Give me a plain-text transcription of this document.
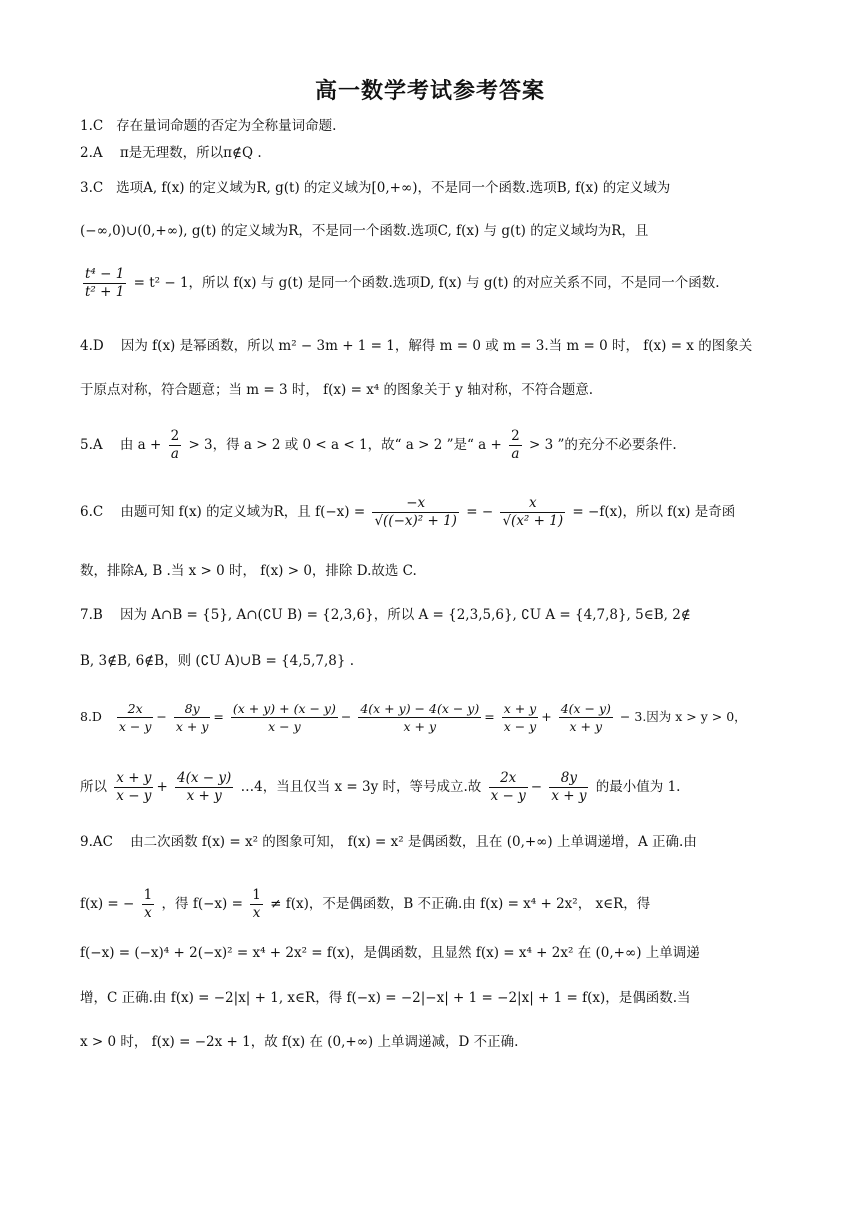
高一数学考试参考答案
1.C 存在量词命题的否定为全称量词命题.
2.A π是无理数，所以π∉Q .
3.C 选项A, f(x) 的定义域为R, g(t) 的定义域为[0,+∞)，不是同一个函数.选项B, f(x) 的定义域为
(−∞,0)∪(0,+∞), g(t) 的定义域为R，不是同一个函数.选项C, f(x) 与 g(t) 的定义域均为R，且
$\frac{\text{t⁴ − 1}}{\text{t² + 1}} = t^2 - 1$，所以 f(x) 与 g(t) 是同一个函数.选项D, f(x) 与 g(t) 的对应关系不同，不是同一个函数.
4.D 因为 f(x) 是幂函数，所以 m² − 3m + 1 = 1，解得 m = 0 或 m = 3.当 m = 0 时， f(x) = x 的图象关
于原点对称，符合题意；当 m = 3 时， f(x) = x⁴ 的图象关于 y 轴对称，不符合题意.
5.A 由 $a + \frac{2}{a} > 3$，得 a > 2 或 0 < a < 1，故“ a > 2 ”是“ $a + \frac{2}{a} > 3$ ”的充分不必要条件.
6.C 由题可知 f(x) 的定义域为R，且 $f(-x) = \frac{-x}{\text{√((−x)² + 1)}}$ = − $\frac{x}{\text{√(x² + 1)}} = -f(x)$，所以 f(x) 是奇函
数，排除A, B .当 x > 0 时， f(x) > 0，排除 D.故选 C.
7.B 因为 A∩B = {5}, A∩(∁U B) = {2,3,6}，所以 A = {2,3,5,6}, ∁U A = {4,7,8}, 5∈B, 2∉
B, 3∉B, 6∉B，则 (∁U A)∪B = {4,5,7,8} .
$8.D \frac{2x}{x - y} - \frac{8y}{x + y} = \frac{(x + y) + (x - y)}{x - y} - \frac{4(x + y) - 4(x - y)}{x + y} = \frac{x + y}{x - y} + \frac{4(x - y)}{x + y} - 3$.因为 x > y > 0，
所以 $\frac{x + y}{x - y} + \frac{4(x - y)}{x + y}$ …4，当且仅当 x = 3y 时，等号成立.故 $\frac{2x}{x - y} - \frac{8y}{x + y}$ 的最小值为 1.
9.AC 由二次函数 f(x) = x² 的图象可知， f(x) = x² 是偶函数，且在 (0,+∞) 上单调递增，A 正确.由
f(x) = − $\frac{1}{x}$ ，得 $f(-x) = \frac{1}{x} \ne f(x)$，不是偶函数，B 不正确.由 f(x) = x⁴ + 2x²， x∈R，得
f(−x) = (−x)⁴ + 2(−x)² = x⁴ + 2x² = f(x)，是偶函数，且显然 f(x) = x⁴ + 2x² 在 (0,+∞) 上单调递
增，C 正确.由 f(x) = −2|x| + 1, x∈R，得 f(−x) = −2|−x| + 1 = −2|x| + 1 = f(x)，是偶函数.当
x > 0 时， f(x) = −2x + 1，故 f(x) 在 (0,+∞) 上单调递减，D 不正确.
